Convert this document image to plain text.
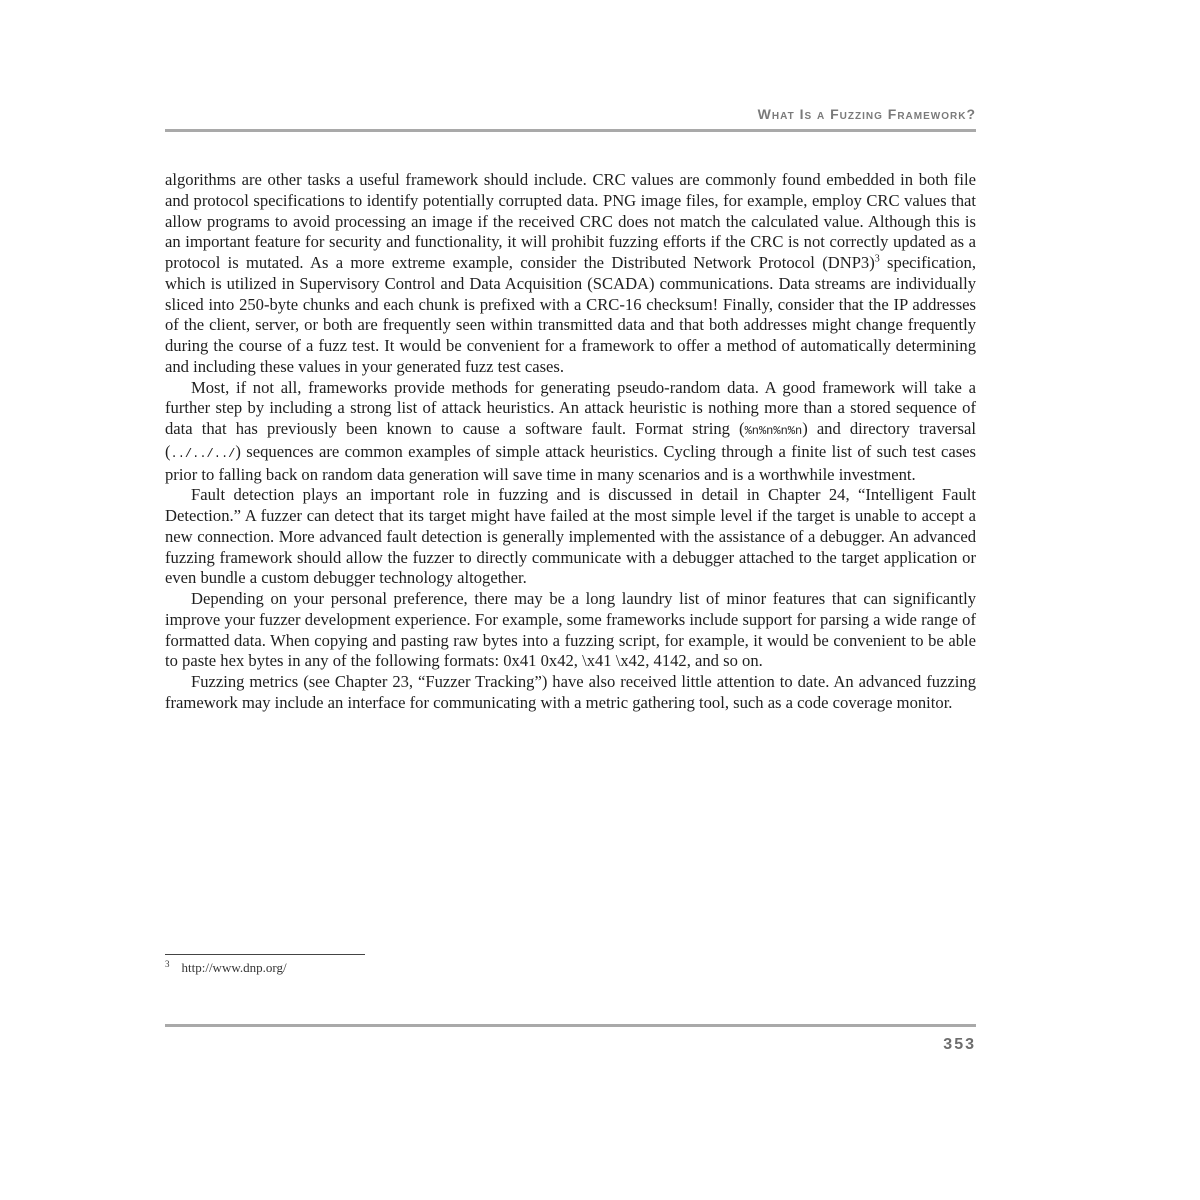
What Is a Fuzzing Framework?

algorithms are other tasks a useful framework should include. CRC values are commonly found embedded in both file and protocol specifications to identify potentially corrupted data. PNG image files, for example, employ CRC values that allow programs to avoid processing an image if the received CRC does not match the calculated value. Although this is an important feature for security and functionality, it will prohibit fuzzing efforts if the CRC is not correctly updated as a protocol is mutated. As a more extreme example, consider the Distributed Network Protocol $(DNP3)^3$ specification, which is utilized in Supervisory Control and Data Acquisition (SCADA) communications. Data streams are individually sliced into 250-byte chunks and each chunk is prefixed with a CRC-16 checksum! Finally, consider that the IP addresses of the client, server, or both are frequently seen within transmitted data and that both addresses might change frequently during the course of a fuzz test. It would be convenient for a framework to offer a method of automatically determining and including these values in your generated fuzz test cases.

Most, if not all, frameworks provide methods for generating pseudo-random data. A good framework will take a further step by including a strong list of attack heuristics. An attack heuristic is nothing more than a stored sequence of data that has previously been known to cause a software fault. Format string (%n%n%n%n) and directory traversal (../../../) sequences are common examples of simple attack heuristics. Cycling through a finite list of such test cases prior to falling back on random data generation will save time in many scenarios and is a worthwhile investment.

Fault detection plays an important role in fuzzing and is discussed in detail in Chapter 24, “Intelligent Fault Detection.” A fuzzer can detect that its target might have failed at the most simple level if the target is unable to accept a new connection. More advanced fault detection is generally implemented with the assistance of a debugger. An advanced fuzzing framework should allow the fuzzer to directly communicate with a debugger attached to the target application or even bundle a custom debugger technology altogether.

Depending on your personal preference, there may be a long laundry list of minor features that can significantly improve your fuzzer development experience. For example, some frameworks include support for parsing a wide range of formatted data. When copying and pasting raw bytes into a fuzzing script, for example, it would be convenient to be able to paste hex bytes in any of the following formats: 0x41 0x42, \x41 \x42, 4142, and so on.

Fuzzing metrics (see Chapter 23, “Fuzzer Tracking”) have also received little attention to date. An advanced fuzzing framework may include an interface for communicating with a metric gathering tool, such as a code coverage monitor.

$^3$ http://www.dnp.org/
353
